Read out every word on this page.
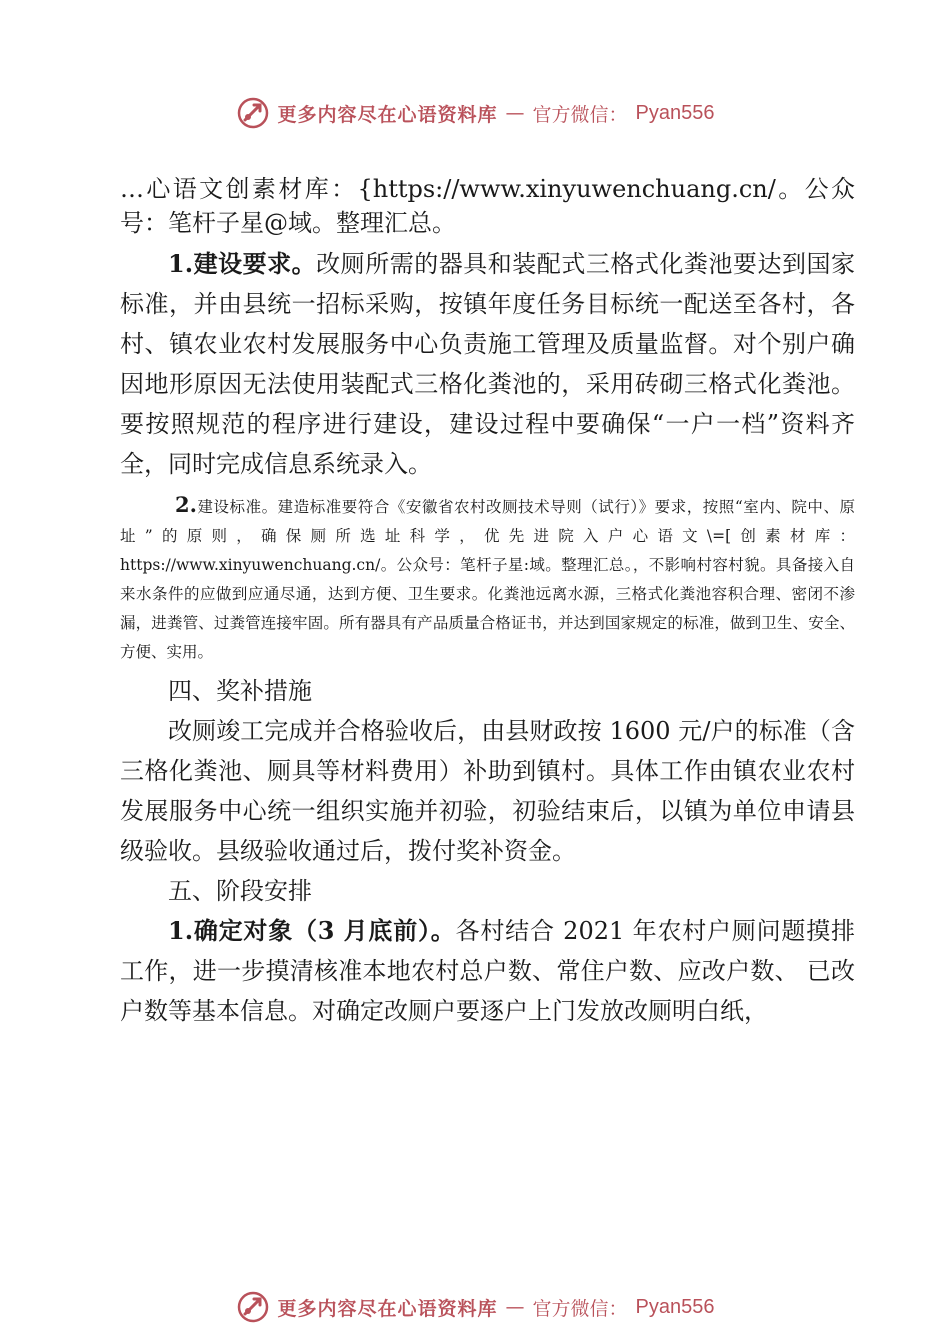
更多内容尽在心语资料库 — 官方微信： Pyan556

…心语文创素材库：{https://www.xinyuwenchuang.cn/。公众号：笔杆子星@域。整理汇总。

1.建设要求。改厕所需的器具和装配式三格式化粪池要达到国家标准，并由县统一招标采购，按镇年度任务目标统一配送至各村，各村、镇农业农村发展服务中心负责施工管理及质量监督。对个别户确因地形原因无法使用装配式三格化粪池的，采用砖砌三格式化粪池。要按照规范的程序进行建设，建设过程中要确保“一户一档”资料齐全，同时完成信息系统录入。

2.建设标准。建造标准要符合《安徽省农村改厕技术导则（试行）》要求，按照“室内、院中、原址”的原则，确保厕所选址科学，优先进院入户心语文\=[创素材库：https://www.xinyuwenchuang.cn/。公众号：笔杆子星:域。整理汇总。，不影响村容村貌。具备接入自来水条件的应做到应通尽通，达到方便、卫生要求。化粪池远离水源，三格式化粪池容积合理、密闭不渗漏，进粪管、过粪管连接牢固。所有器具有产品质量合格证书，并达到国家规定的标准，做到卫生、安全、方便、实用。

四、奖补措施

改厕竣工完成并合格验收后，由县财政按 1600 元/户的标准（含三格化粪池、厕具等材料费用）补助到镇村。具体工作由镇农业农村发展服务中心统一组织实施并初验，初验结束后，以镇为单位申请县级验收。县级验收通过后，拨付奖补资金。

五、阶段安排

1.确定对象（3 月底前）。各村结合 2021 年农村户厕问题摸排工作，进一步摸清核准本地农村总户数、常住户数、应改户数、 已改户数等基本信息。对确定改厕户要逐户上门发放改厕明白纸，

更多内容尽在心语资料库 — 官方微信： Pyan556
